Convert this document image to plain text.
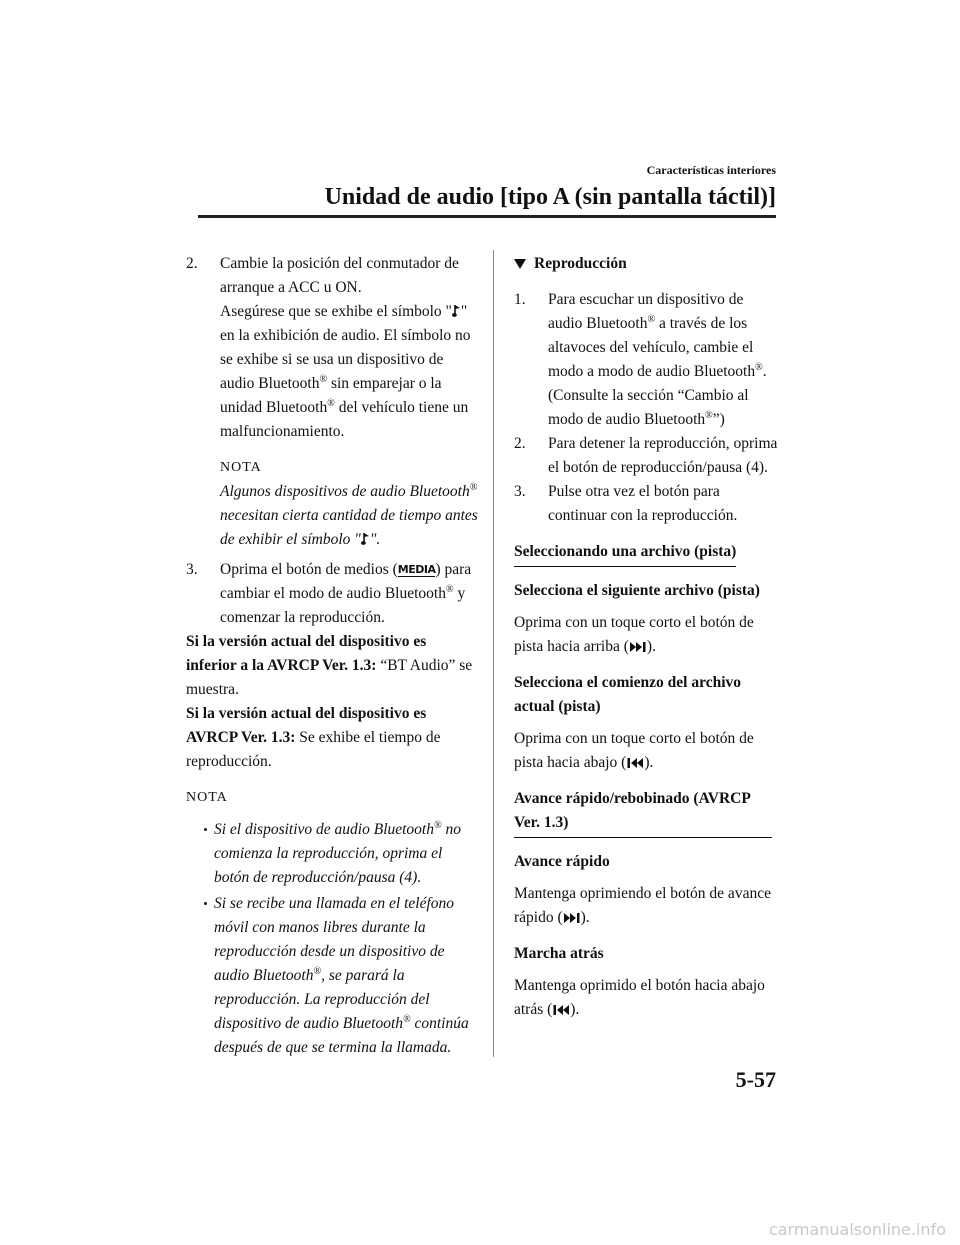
Características interiores
Unidad de audio [tipo A (sin pantalla táctil)]
2.	Cambie la posición del conmutador de arranque a ACC u ON.

Asegúrese que se exhibe el símbolo " " en la exhibición de audio. El símbolo no se exhibe si se usa un dispositivo de audio Bluetooth® sin emparejar o la unidad Bluetooth® del vehículo tiene un malfuncionamiento.

NOTA

Algunos dispositivos de audio Bluetooth® necesitan cierta cantidad de tiempo antes de exhibir el símbolo " ".

3.	Oprima el botón de medios (MEDIA) para cambiar el modo de audio Bluetooth® y comenzar la reproducción.

Si la versión actual del dispositivo es inferior a la AVRCP Ver. 1.3: “BT Audio” se muestra.

Si la versión actual del dispositivo es AVRCP Ver. 1.3: Se exhibe el tiempo de reproducción.

NOTA

Si el dispositivo de audio Bluetooth® no comienza la reproducción, oprima el botón de reproducción/pausa (4).
Si se recibe una llamada en el teléfono móvil con manos libres durante la reproducción desde un dispositivo de audio Bluetooth®, se parará la reproducción. La reproducción del dispositivo de audio Bluetooth® continúa después de que se termina la llamada.
Reproducción
1.	Para escuchar un dispositivo de audio Bluetooth® a través de los altavoces del vehículo, cambie el modo a modo de audio Bluetooth®. (Consulte la sección “Cambio al modo de audio Bluetooth®”)

2.	Para detener la reproducción, oprima el botón de reproducción/pausa (4).

3.	Pulse otra vez el botón para continuar con la reproducción.

Seleccionando una archivo (pista)

Selecciona el siguiente archivo (pista)

Oprima con un toque corto el botón de pista hacia arriba ( ).

Selecciona el comienzo del archivo actual (pista)

Oprima con un toque corto el botón de pista hacia abajo ( ).

Avance rápido/rebobinado (AVRCP Ver. 1.3)

Avance rápido

Mantenga oprimiendo el botón de avance rápido ( ).

Marcha atrás

Mantenga oprimido el botón hacia abajo atrás ( ).

5-57
carmanualsonline.info
